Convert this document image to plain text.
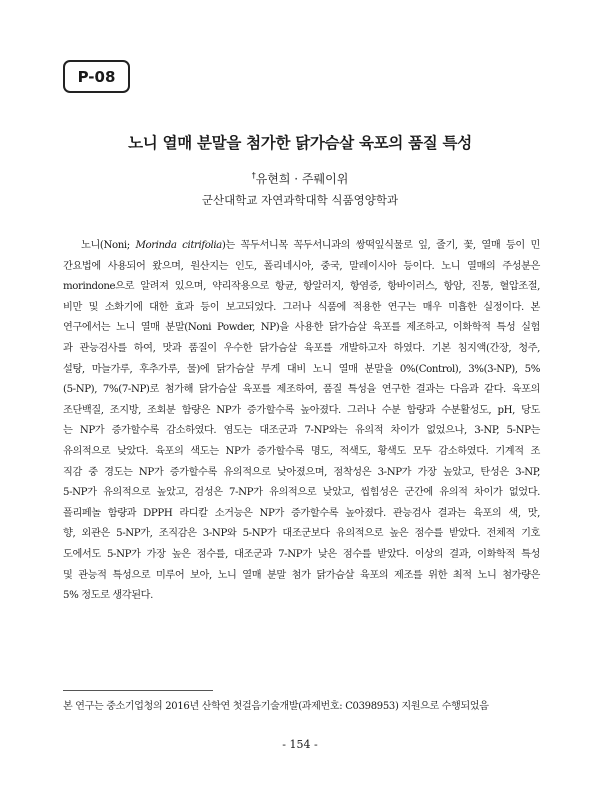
P-08
노니 열매 분말을 첨가한 닭가슴살 육포의 품질 특성
†유현희 · 주뤠이위
군산대학교 자연과학대학 식품영양학과
노니(Noni; Morinda citrifolia)는 꼭두서니목 꼭두서니과의 쌍떡잎식물로 잎, 줄기, 꽃, 열매 등이 민
간요법에 사용되어 왔으며, 원산지는 인도, 폴리네시아, 중국, 말레이시아 등이다. 노니 열매의 주성분은
morindone으로 알려져 있으며, 약리작용으로 항균, 항알러지, 항염증, 항바이러스, 항암, 진통, 혈압조절,
비만 및 소화기에 대한 효과 등이 보고되었다. 그러나 식품에 적용한 연구는 매우 미흡한 실정이다. 본
연구에서는 노니 열매 분말(Noni Powder, NP)을 사용한 닭가슴살 육포를 제조하고, 이화학적 특성 실험
과 관능검사를 하여, 맛과 품질이 우수한 닭가슴살 육포를 개발하고자 하였다. 기본 침지액(간장, 청주,
설탕, 마늘가루, 후추가루, 물)에 닭가슴살 무게 대비 노니 열매 분말을 0%(Control), 3%(3-NP), 5%
(5-NP), 7%(7-NP)로 첨가해 닭가슴살 육포를 제조하여, 품질 특성을 연구한 결과는 다음과 같다. 육포의
조단백질, 조지방, 조회분 함량은 NP가 증가할수록 높아졌다. 그러나 수분 함량과 수분활성도, pH, 당도
는 NP가 증가할수록 감소하였다. 염도는 대조군과 7-NP와는 유의적 차이가 없었으나, 3-NP, 5-NP는
유의적으로 낮았다. 육포의 색도는 NP가 증가할수록 명도, 적색도, 황색도 모두 감소하였다. 기계적 조
직감 중 경도는 NP가 증가할수록 유의적으로 낮아졌으며, 점착성은 3-NP가 가장 높았고, 탄성은 3-NP,
5-NP가 유의적으로 높았고, 검성은 7-NP가 유의적으로 낮았고, 씹힘성은 군간에 유의적 차이가 없었다.
폴리페놀 함량과 DPPH 라디칼 소거능은 NP가 증가할수록 높아졌다. 관능검사 결과는 육포의 색, 맛,
향, 외관은 5-NP가, 조직감은 3-NP와 5-NP가 대조군보다 유의적으로 높은 점수를 받았다. 전체적 기호
도에서도 5-NP가 가장 높은 점수를, 대조군과 7-NP가 낮은 점수를 받았다. 이상의 결과, 이화학적 특성
및 관능적 특성으로 미루어 보아, 노니 열매 분말 첨가 닭가슴살 육포의 제조를 위한 최적 노니 첨가량은
5% 정도로 생각된다.
본 연구는 중소기업청의 2016년 산학연 첫걸음기술개발(과제번호: C0398953) 지원으로 수행되었음
- 154 -
